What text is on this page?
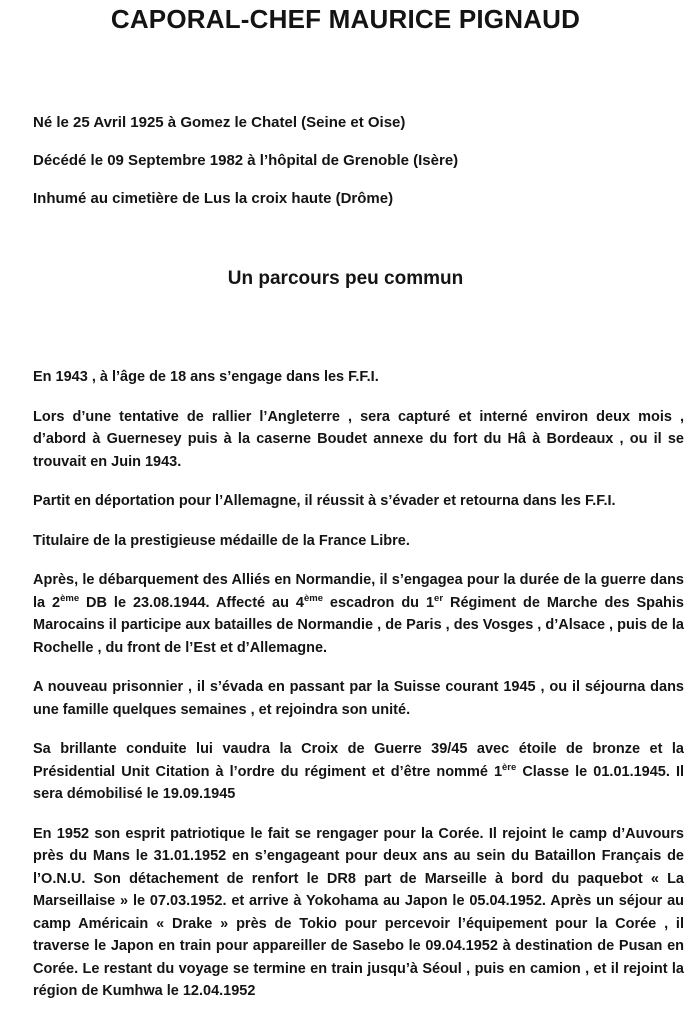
CAPORAL-CHEF MAURICE PIGNAUD
Né le 25 Avril 1925 à Gomez le Chatel (Seine et Oise)
Décédé le 09 Septembre 1982 à l’hôpital de Grenoble (Isère)
Inhumé au cimetière de Lus la croix haute (Drôme)
Un parcours peu commun

En 1943 , à l’âge de 18 ans s’engage dans les F.F.I.

Lors d’une tentative de rallier l’Angleterre , sera capturé et interné environ deux mois , d’abord à Guernesey puis à la caserne Boudet annexe du fort du Hâ à Bordeaux , ou il se trouvait en Juin 1943.

Partit en déportation pour l’Allemagne, il réussit à s’évader et retourna dans les F.F.I.

Titulaire de la prestigieuse médaille de la France Libre.

Après, le débarquement des Alliés en Normandie, il s’engagea pour la durée de la guerre dans la 2ème DB le 23.08.1944. Affecté au 4ème escadron du 1er Régiment de Marche des Spahis Marocains il participe aux batailles de Normandie , de Paris , des Vosges , d’Alsace , puis de la Rochelle , du front de l’Est et d’Allemagne.

A nouveau prisonnier , il s’évada en passant par la Suisse courant 1945 , ou il séjourna dans une famille quelques semaines , et rejoindra son unité.

Sa brillante conduite lui vaudra la Croix de Guerre 39/45 avec étoile de bronze et la Présidential Unit Citation à l’ordre du régiment et d’être nommé 1ère Classe le 01.01.1945. Il sera démobilisé le 19.09.1945

En 1952 son esprit patriotique le fait se rengager pour la Corée. Il rejoint le camp d’Auvours près du Mans le 31.01.1952 en s’engageant pour deux ans au sein du Bataillon Français de l’O.N.U. Son détachement de renfort le DR8 part de Marseille à bord du paquebot « La Marseillaise » le 07.03.1952. et arrive à Yokohama au Japon le 05.04.1952. Après un séjour au camp Américain « Drake » près de Tokio pour percevoir l’équipement pour la Corée , il traverse le Japon en train pour appareiller de Sasebo le 09.04.1952 à destination de Pusan en Corée. Le restant du voyage se termine en train jusqu’à Séoul , puis en camion , et il rejoint la région de Kumhwa le 12.04.1952
